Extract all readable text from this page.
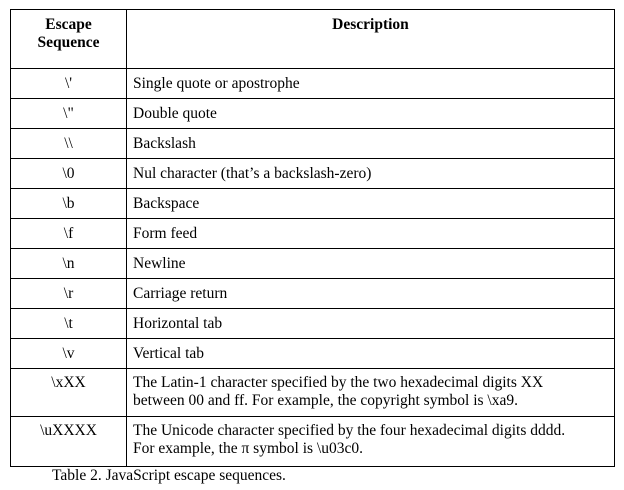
Escape
Sequence	Description
\'	Single quote or apostrophe
\"	Double quote
\\	Backslash
\0	Nul character (that’s a backslash-zero)
\b	Backspace
\f	Form feed
\n	Newline
\r	Carriage return
\t	Horizontal tab
\v	Vertical tab
\xXX	The Latin-1 character specified by the two hexadecimal digits XX
between 00 and ff. For example, the copyright symbol is \xa9.
\uXXXX	The Unicode character specified by the four hexadecimal digits dddd.
For example, the π symbol is \u03c0.
Table 2. JavaScript escape sequences.
